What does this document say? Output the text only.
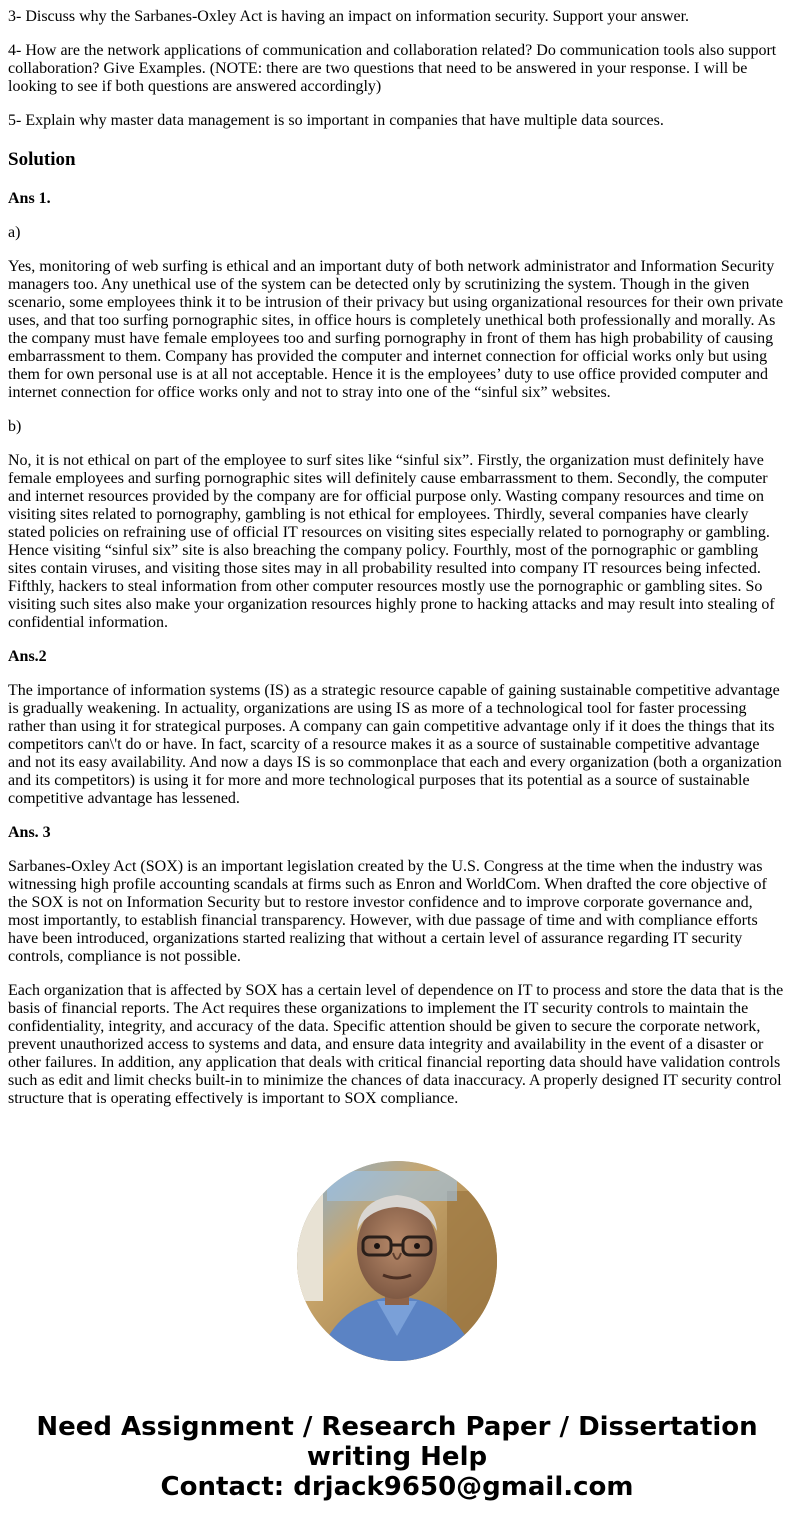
3- Discuss why the Sarbanes-Oxley Act is having an impact on information security. Support your answer.

4- How are the network applications of communication and collaboration related? Do communication tools also support collaboration? Give Examples. (NOTE: there are two questions that need to be answered in your response. I will be looking to see if both questions are answered accordingly)

5- Explain why master data management is so important in companies that have multiple data sources.

Solution

Ans 1.

a)

Yes, monitoring of web surfing is ethical and an important duty of both network administrator and Information Security managers too. Any unethical use of the system can be detected only by scrutinizing the system. Though in the given scenario, some employees think it to be intrusion of their privacy but using organizational resources for their own private uses, and that too surfing pornographic sites, in office hours is completely unethical both professionally and morally. As the company must have female employees too and surfing pornography in front of them has high probability of causing embarrassment to them. Company has provided the computer and internet connection for official works only but using them for own personal use is at all not acceptable. Hence it is the employees’ duty to use office provided computer and internet connection for office works only and not to stray into one of the “sinful six” websites.

b)

No, it is not ethical on part of the employee to surf sites like “sinful six”. Firstly, the organization must definitely have female employees and surfing pornographic sites will definitely cause embarrassment to them. Secondly, the computer and internet resources provided by the company are for official purpose only. Wasting company resources and time on visiting sites related to pornography, gambling is not ethical for employees. Thirdly, several companies have clearly stated policies on refraining use of official IT resources on visiting sites especially related to pornography or gambling. Hence visiting “sinful six” site is also breaching the company policy. Fourthly, most of the pornographic or gambling sites contain viruses, and visiting those sites may in all probability resulted into company IT resources being infected. Fifthly, hackers to steal information from other computer resources mostly use the pornographic or gambling sites. So visiting such sites also make your organization resources highly prone to hacking attacks and may result into stealing of confidential information.

Ans.2

The importance of information systems (IS) as a strategic resource capable of gaining sustainable competitive advantage is gradually weakening. In actuality, organizations are using IS as more of a technological tool for faster processing rather than using it for strategical purposes. A company can gain competitive advantage only if it does the things that its competitors can\'t do or have. In fact, scarcity of a resource makes it as a source of sustainable competitive advantage and not its easy availability. And now a days IS is so commonplace that each and every organization (both a organization and its competitors) is using it for more and more technological purposes that its potential as a source of sustainable competitive advantage has lessened.

Ans. 3

Sarbanes-Oxley Act (SOX) is an important legislation created by the U.S. Congress at the time when the industry was witnessing high profile accounting scandals at firms such as Enron and WorldCom. When drafted the core objective of the SOX is not on Information Security but to restore investor confidence and to improve corporate governance and, most importantly, to establish financial transparency. However, with due passage of time and with compliance efforts have been introduced, organizations started realizing that without a certain level of assurance regarding IT security controls, compliance is not possible.

Each organization that is affected by SOX has a certain level of dependence on IT to process and store the data that is the basis of financial reports. The Act requires these organizations to implement the IT security controls to maintain the confidentiality, integrity, and accuracy of the data. Specific attention should be given to secure the corporate network, prevent unauthorized access to systems and data, and ensure data integrity and availability in the event of a disaster or other failures. In addition, any application that deals with critical financial reporting data should have validation controls such as edit and limit checks built-in to minimize the chances of data inaccuracy. A properly designed IT security control structure that is operating effectively is important to SOX compliance.

Need Assignment / Research Paper / Dissertation
writing Help
Contact: drjack9650@gmail.com
